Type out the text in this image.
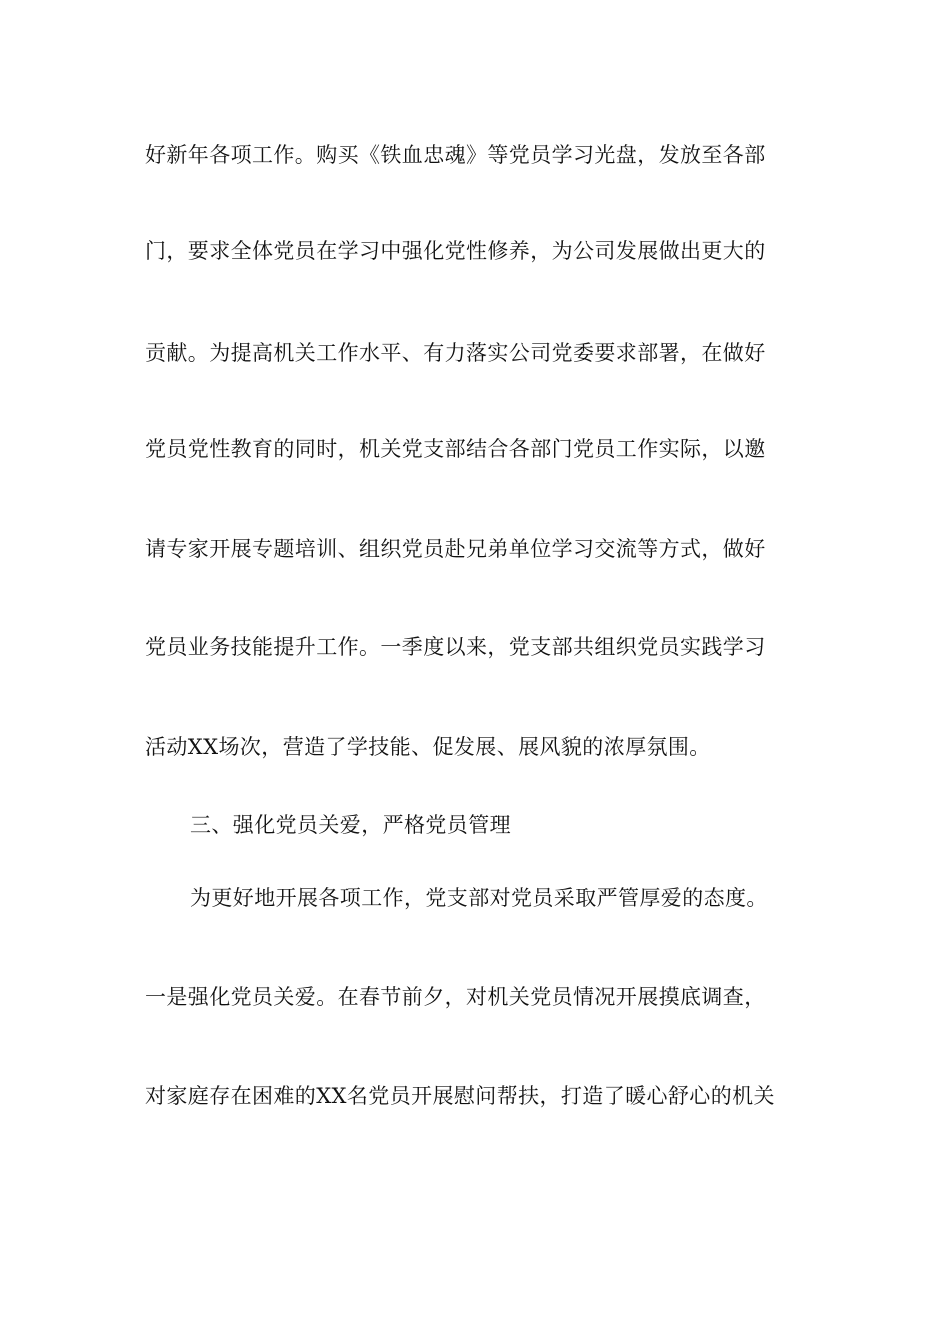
好新年各项工作。购买《铁血忠魂》等党员学习光盘，发放至各部
门，要求全体党员在学习中强化党性修养，为公司发展做出更大的
贡献。为提高机关工作水平、有力落实公司党委要求部署，在做好
党员党性教育的同时，机关党支部结合各部门党员工作实际，以邀
请专家开展专题培训、组织党员赴兄弟单位学习交流等方式，做好
党员业务技能提升工作。一季度以来，党支部共组织党员实践学习
活动XX场次，营造了学技能、促发展、展风貌的浓厚氛围。
三、强化党员关爱，严格党员管理
为更好地开展各项工作，党支部对党员采取严管厚爱的态度。
一是强化党员关爱。在春节前夕，对机关党员情况开展摸底调查，
对家庭存在困难的XX名党员开展慰问帮扶，打造了暖心舒心的机关
